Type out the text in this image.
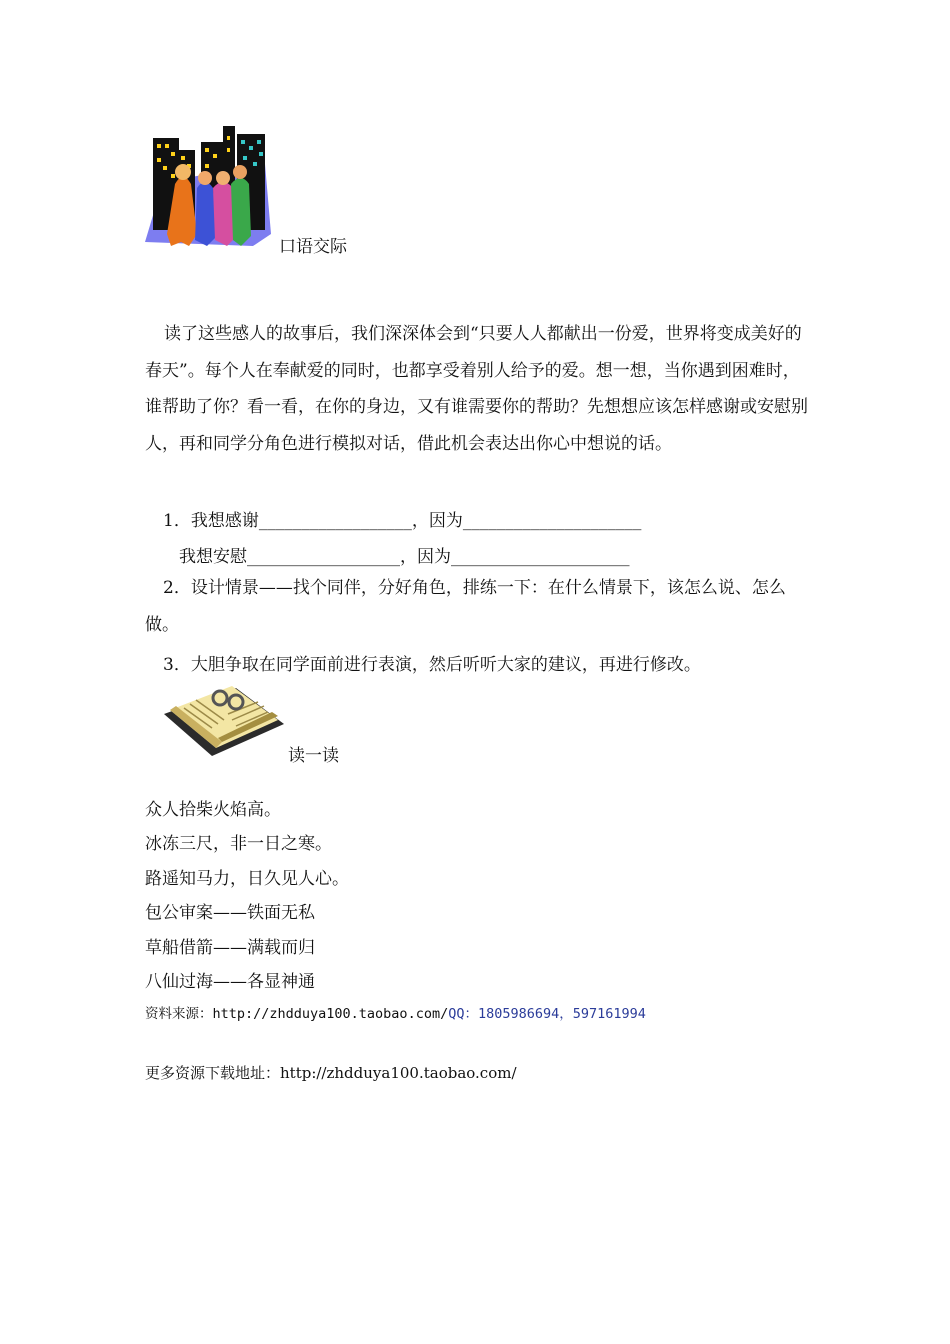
口语交际
读了这些感人的故事后，我们深深体会到“只要人人都献出一份爱，世界将变成美好的春天”。每个人在奉献爱的同时，也都享受着别人给予的爱。想一想，当你遇到困难时，谁帮助了你？看一看，在你的身边，又有谁需要你的帮助？先想想应该怎样感谢或安慰别人，再和同学分角色进行模拟对话，借此机会表达出你心中想说的话。
1．我想感谢__________________，因为_____________________
我想安慰__________________，因为_____________________
2．设计情景——找个同伴，分好角色，排练一下：在什么情景下，该怎么说、怎么做。
3．大胆争取在同学面前进行表演，然后听听大家的建议，再进行修改。
读一读
众人拾柴火焰高。
冰冻三尺，非一日之寒。
路遥知马力，日久见人心。
包公审案——铁面无私
草船借箭——满载而归
八仙过海——各显神通
资料来源：http://zhdduya100.taobao.com/QQ：1805986694，597161994
更多资源下载地址：http://zhdduya100.taobao.com/
